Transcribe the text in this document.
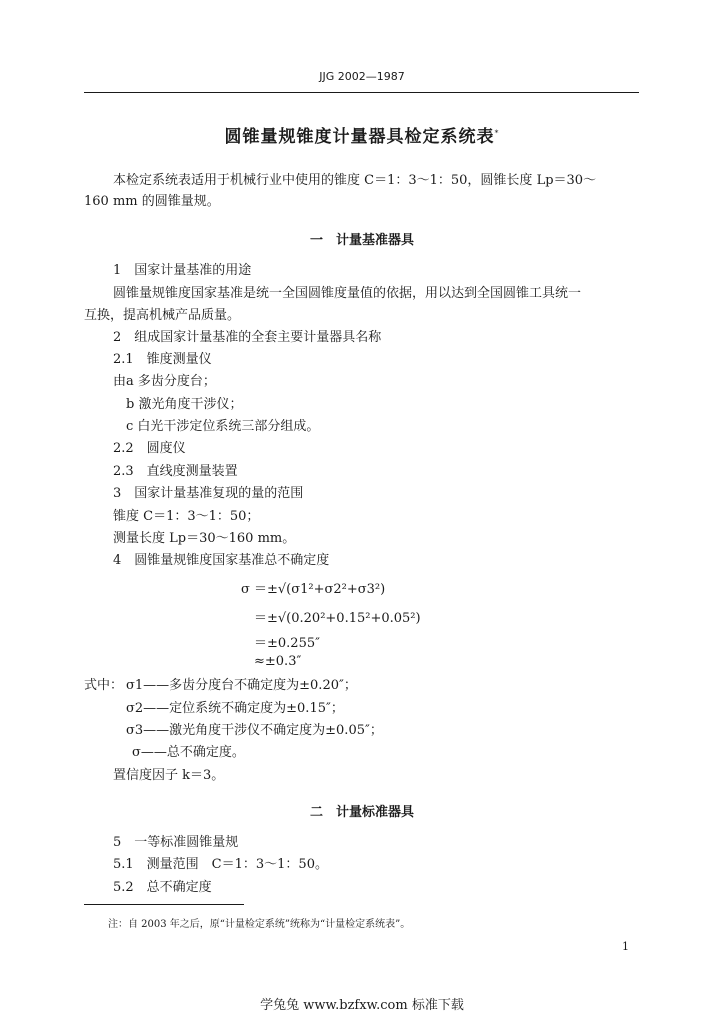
JJG 2002—1987
圆锥量规锥度计量器具检定系统表*
本检定系统表适用于机械行业中使用的锥度 C＝1：3～1：50，圆锥长度 Lp＝30～
160 mm 的圆锥量规。
一　计量基准器具
1　国家计量基准的用途
圆锥量规锥度国家基准是统一全国圆锥度量值的依据，用以达到全国圆锥工具统一
互换，提高机械产品质量。
2　组成国家计量基准的全套主要计量器具名称
2.1　锥度测量仪
由a 多齿分度台；
b 激光角度干涉仪；
c 白光干涉定位系统三部分组成。
2.2　圆度仪
2.3　直线度测量装置
3　国家计量基准复现的量的范围
锥度 C＝1：3～1：50；
测量长度 Lp＝30～160 mm。
4　圆锥量规锥度国家基准总不确定度
σ ＝±√(σ1²+σ2²+σ3²)
＝±√(0.20²+0.15²+0.05²)
＝±0.255″
≈±0.3″
式中： σ1——多齿分度台不确定度为±0.20″；
σ2——定位系统不确定度为±0.15″；
σ3——激光角度干涉仪不确定度为±0.05″；
σ——总不确定度。
置信度因子 k＝3。
二　计量标准器具
5　一等标准圆锥量规
5.1　测量范围　C＝1：3～1：50。
5.2　总不确定度
注：自 2003 年之后，原“计量检定系统”统称为“计量检定系统表”。
1
学兔兔 www.bzfxw.com 标准下载
